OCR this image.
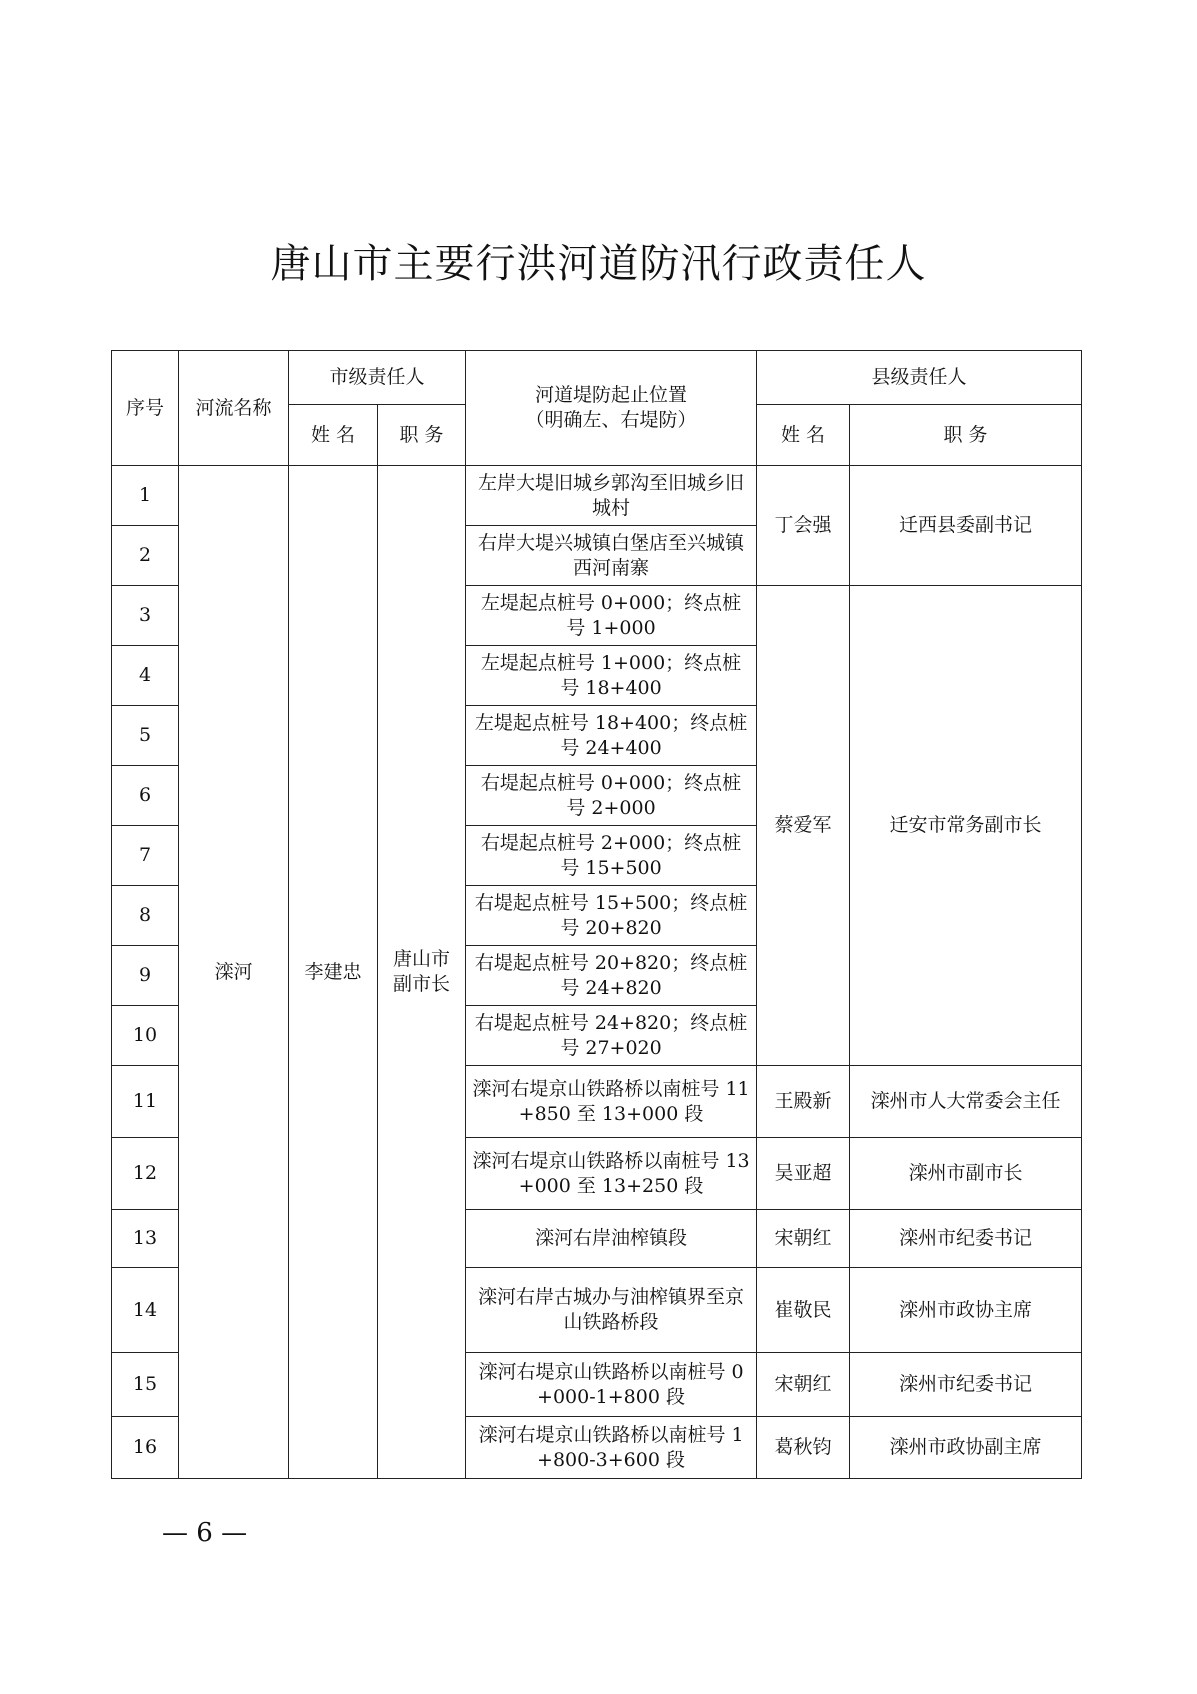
唐山市主要行洪河道防汛行政责任人
序号	河流名称	市级责任人		河道堤防起止位置
（明确左、右堤防）	县级责任人	
		姓 名	职 务		姓 名	职 务
1	滦河	李建忠	唐山市副市长	左岸大堤旧城乡郭沟至旧城乡旧城村	丁会强	迁西县委副书记
2				右岸大堤兴城镇白堡店至兴城镇西河南寨		
3				左堤起点桩号 0+000；终点桩号 1+000	蔡爱军	迁安市常务副市长
4				左堤起点桩号 1+000；终点桩号 18+400		
5				左堤起点桩号 18+400；终点桩号 24+400		
6				右堤起点桩号 0+000；终点桩号 2+000		
7				右堤起点桩号 2+000；终点桩号 15+500		
8				右堤起点桩号 15+500；终点桩号 20+820		
9				右堤起点桩号 20+820；终点桩号 24+820		
10				右堤起点桩号 24+820；终点桩号 27+020		
11				滦河右堤京山铁路桥以南桩号 11+850 至 13+000 段	王殿新	滦州市人大常委会主任
12				滦河右堤京山铁路桥以南桩号 13+000 至 13+250 段	吴亚超	滦州市副市长
13				滦河右岸油榨镇段	宋朝红	滦州市纪委书记
14				滦河右岸古城办与油榨镇界至京山铁路桥段	崔敬民	滦州市政协主席
15				滦河右堤京山铁路桥以南桩号 0+000-1+800 段	宋朝红	滦州市纪委书记
16				滦河右堤京山铁路桥以南桩号 1+800-3+600 段	葛秋钧	滦州市政协副主席
— 6 —
